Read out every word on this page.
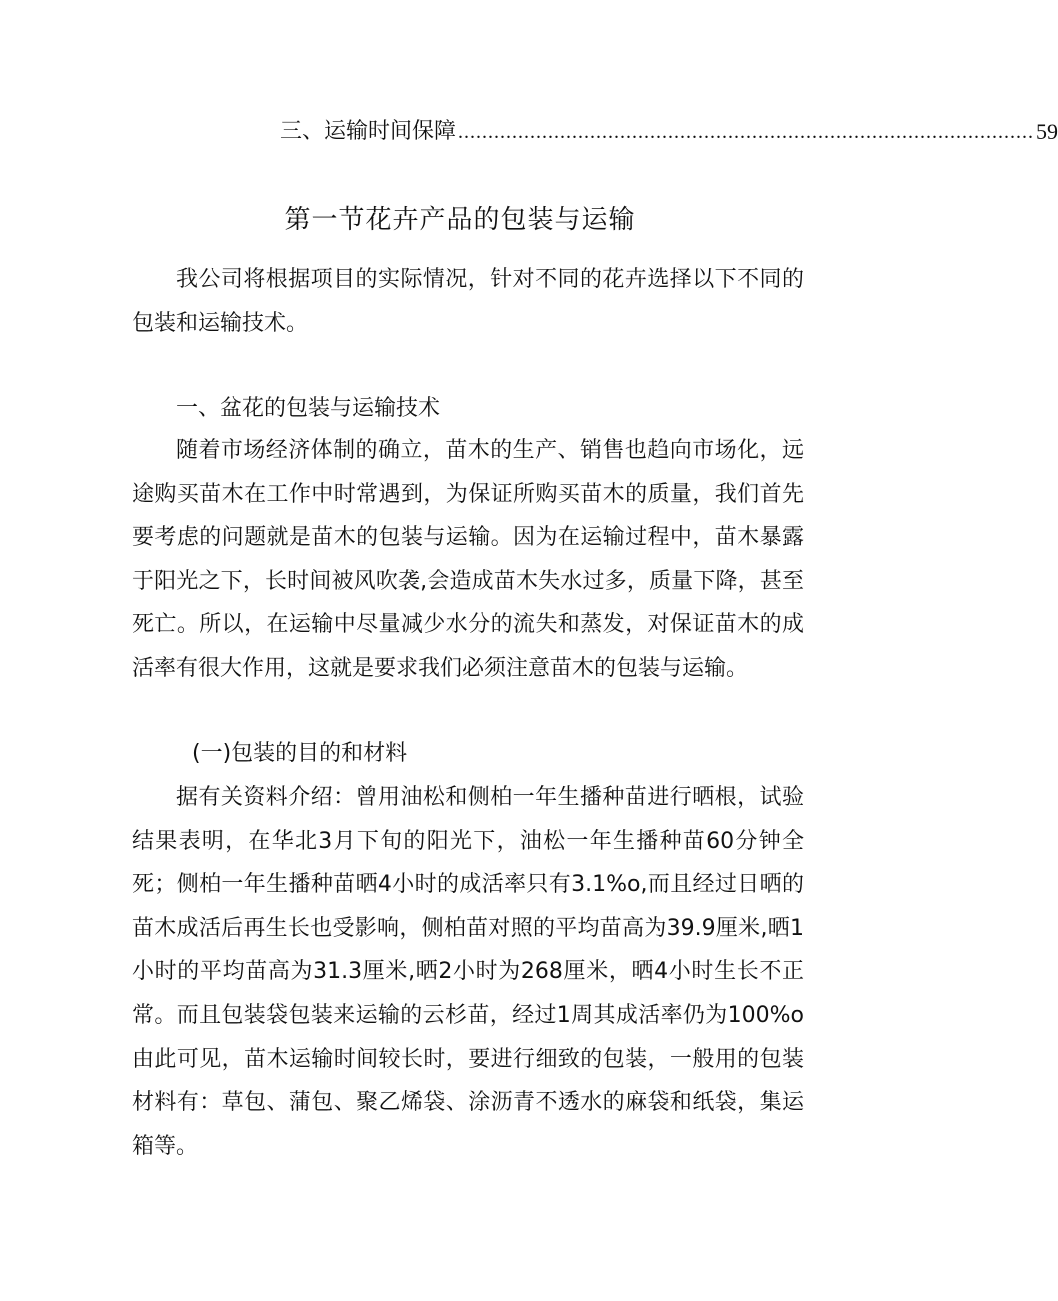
三、运输时间保障 ................................................................................................ 59
第一节花卉产品的包装与运输

我公司将根据项目的实际情况，针对不同的花卉选择以下不同的包装和运输技术。

一、盆花的包装与运输技术

随着市场经济体制的确立，苗木的生产、销售也趋向市场化，远途购买苗木在工作中时常遇到，为保证所购买苗木的质量，我们首先要考虑的问题就是苗木的包装与运输。因为在运输过程中，苗木暴露于阳光之下，长时间被风吹袭,会造成苗木失水过多，质量下降，甚至死亡。所以，在运输中尽量减少水分的流失和蒸发，对保证苗木的成活率有很大作用，这就是要求我们必须注意苗木的包装与运输。

(一)包装的目的和材料

据有关资料介绍：曾用油松和侧柏一年生播种苗进行晒根，试验结果表明，在华北3月下旬的阳光下，油松一年生播种苗60分钟全死；侧柏一年生播种苗晒4小时的成活率只有3.1%o,而且经过日晒的苗木成活后再生长也受影响，侧柏苗对照的平均苗高为39.9厘米,晒1小时的平均苗高为31.3厘米,晒2小时为268厘米，晒4小时生长不正常。而且包装袋包装来运输的云杉苗，经过1周其成活率仍为100%o由此可见，苗木运输时间较长时，要进行细致的包装，一般用的包装材料有：草包、蒲包、聚乙烯袋、涂沥青不透水的麻袋和纸袋，集运箱等。
